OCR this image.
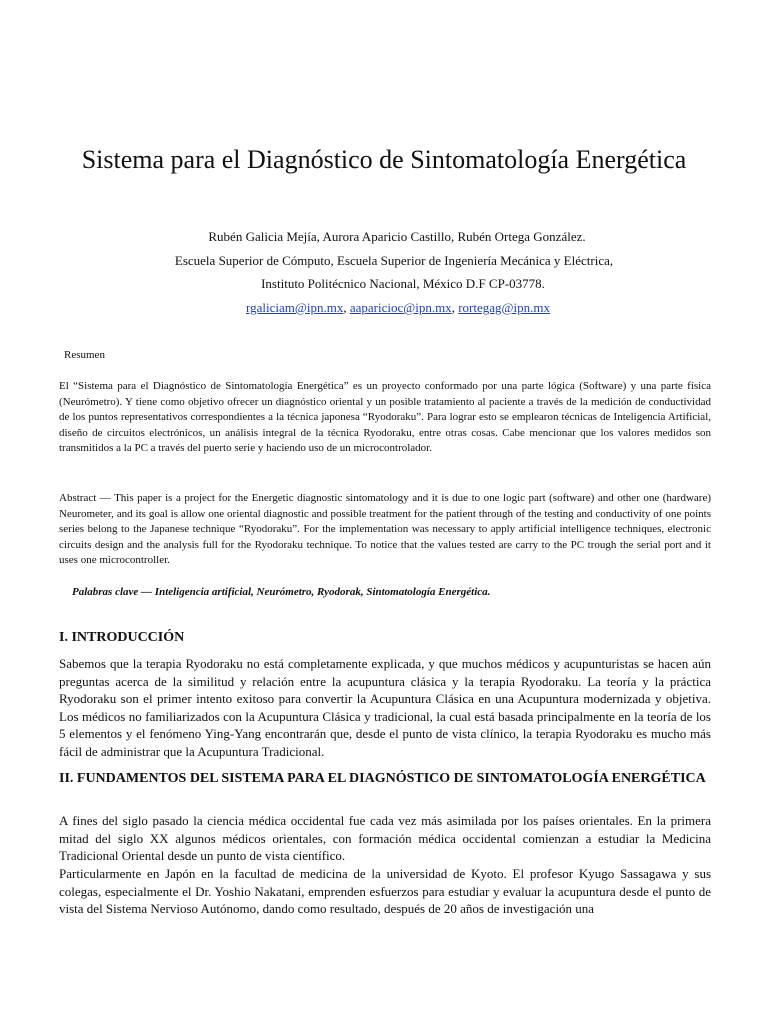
Sistema para el Diagnóstico de Sintomatología Energética
Rubén Galicia Mejía, Aurora Aparicio Castillo, Rubén Ortega González.
Escuela Superior de Cómputo, Escuela Superior de Ingeniería Mecánica y Eléctrica,
Instituto Politécnico Nacional, México D.F CP-03778.
rgaliciam@ipn.mx, aaparicioc@ipn.mx, rortegag@ipn.mx
Resumen

El “Sistema para el Diagnóstico de Sintomatología Energética” es un proyecto conformado por una parte lógica (Software) y una parte física (Neurómetro). Y tiene como objetivo ofrecer un diagnóstico oriental y un posible tratamiento al paciente a través de la medición de conductividad de los puntos representativos correspondientes a la técnica japonesa “Ryodoraku”. Para lograr esto se emplearon técnicas de Inteligencia Artificial, diseño de circuitos electrónicos, un análisis integral de la técnica Ryodoraku, entre otras cosas. Cabe mencionar que los valores medidos son transmitidos a la PC a través del puerto serie y haciendo uso de un microcontrolador.

Abstract — This paper is a project for the Energetic diagnostic sintomatology and it is due to one logic part (software) and other one (hardware) Neurometer, and its goal is allow one oriental diagnostic and possible treatment for the patient through of the testing and conductivity of one points series belong to the Japanese technique “Ryodoraku”. For the implementation was necessary to apply artificial intelligence techniques, electronic circuits design and the analysis full for the Ryodoraku technique. To notice that the values tested are carry to the PC trough the serial port and it uses one microcontroller.

Palabras clave — Inteligencia artificial, Neurómetro, Ryodorak, Sintomatología Energética.
I. INTRODUCCIÓN

Sabemos que la terapia Ryodoraku no está completamente explicada, y que muchos médicos y acupunturistas se hacen aún preguntas acerca de la similitud y relación entre la acupuntura clásica y la terapia Ryodoraku. La teoría y la práctica Ryodoraku son el primer intento exitoso para convertir la Acupuntura Clásica en una Acupuntura modernizada y objetiva. Los médicos no familiarizados con la Acupuntura Clásica y tradicional, la cual está basada principalmente en la teoría de los 5 elementos y el fenómeno Ying-Yang encontrarán que, desde el punto de vista clínico, la terapia Ryodoraku es mucho más fácil de administrar que la Acupuntura Tradicional.

II. FUNDAMENTOS DEL SISTEMA PARA EL DIAGNÓSTICO DE SINTOMATOLOGÍA ENERGÉTICA

A fines del siglo pasado la ciencia médica occidental fue cada vez más asimilada por los países orientales. En la primera mitad del siglo XX algunos médicos orientales, con formación médica occidental comienzan a estudiar la Medicina Tradicional Oriental desde un punto de vista científico.

Particularmente en Japón en la facultad de medicina de la universidad de Kyoto. El profesor Kyugo Sassagawa y sus colegas, especialmente el Dr. Yoshio Nakatani, emprenden esfuerzos para estudiar y evaluar la acupuntura desde el punto de vista del Sistema Nervioso Autónomo, dando como resultado, después de 20 años de investigación una
